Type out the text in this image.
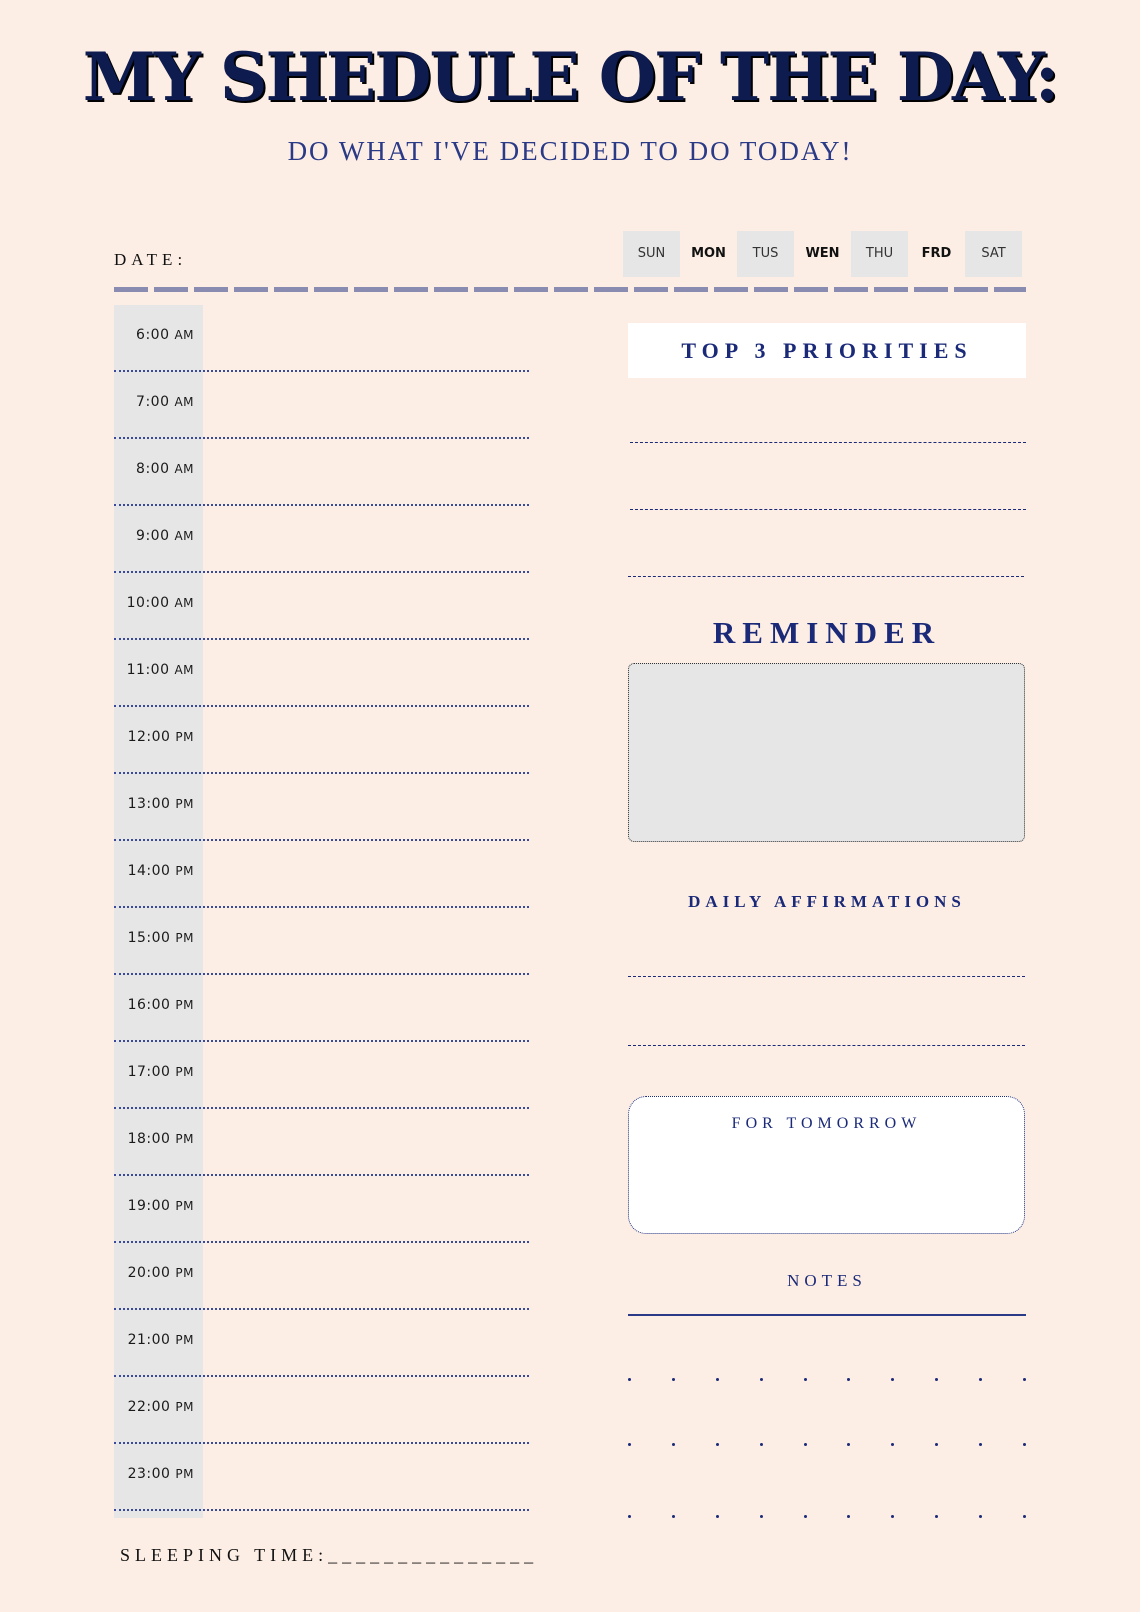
MY SHEDULE OF THE DAY:
DO WHAT I'VE DECIDED TO DO TODAY!
DATE:	SUN	MON	TUS	WEN	THU	FRD	SAT
6:00 AM
7:00 AM
8:00 AM
9:00 AM
10:00 AM
11:00 AM
12:00 PM
13:00 PM
14:00 PM
15:00 PM
16:00 PM
17:00 PM
18:00 PM
19:00 PM
20:00 PM
21:00 PM
22:00 PM
23:00 PM
SLEEPING TIME:_______________
TOP 3 PRIORITIES
REMINDER
DAILY AFFIRMATIONS
FOR TOMORROW
NOTES
